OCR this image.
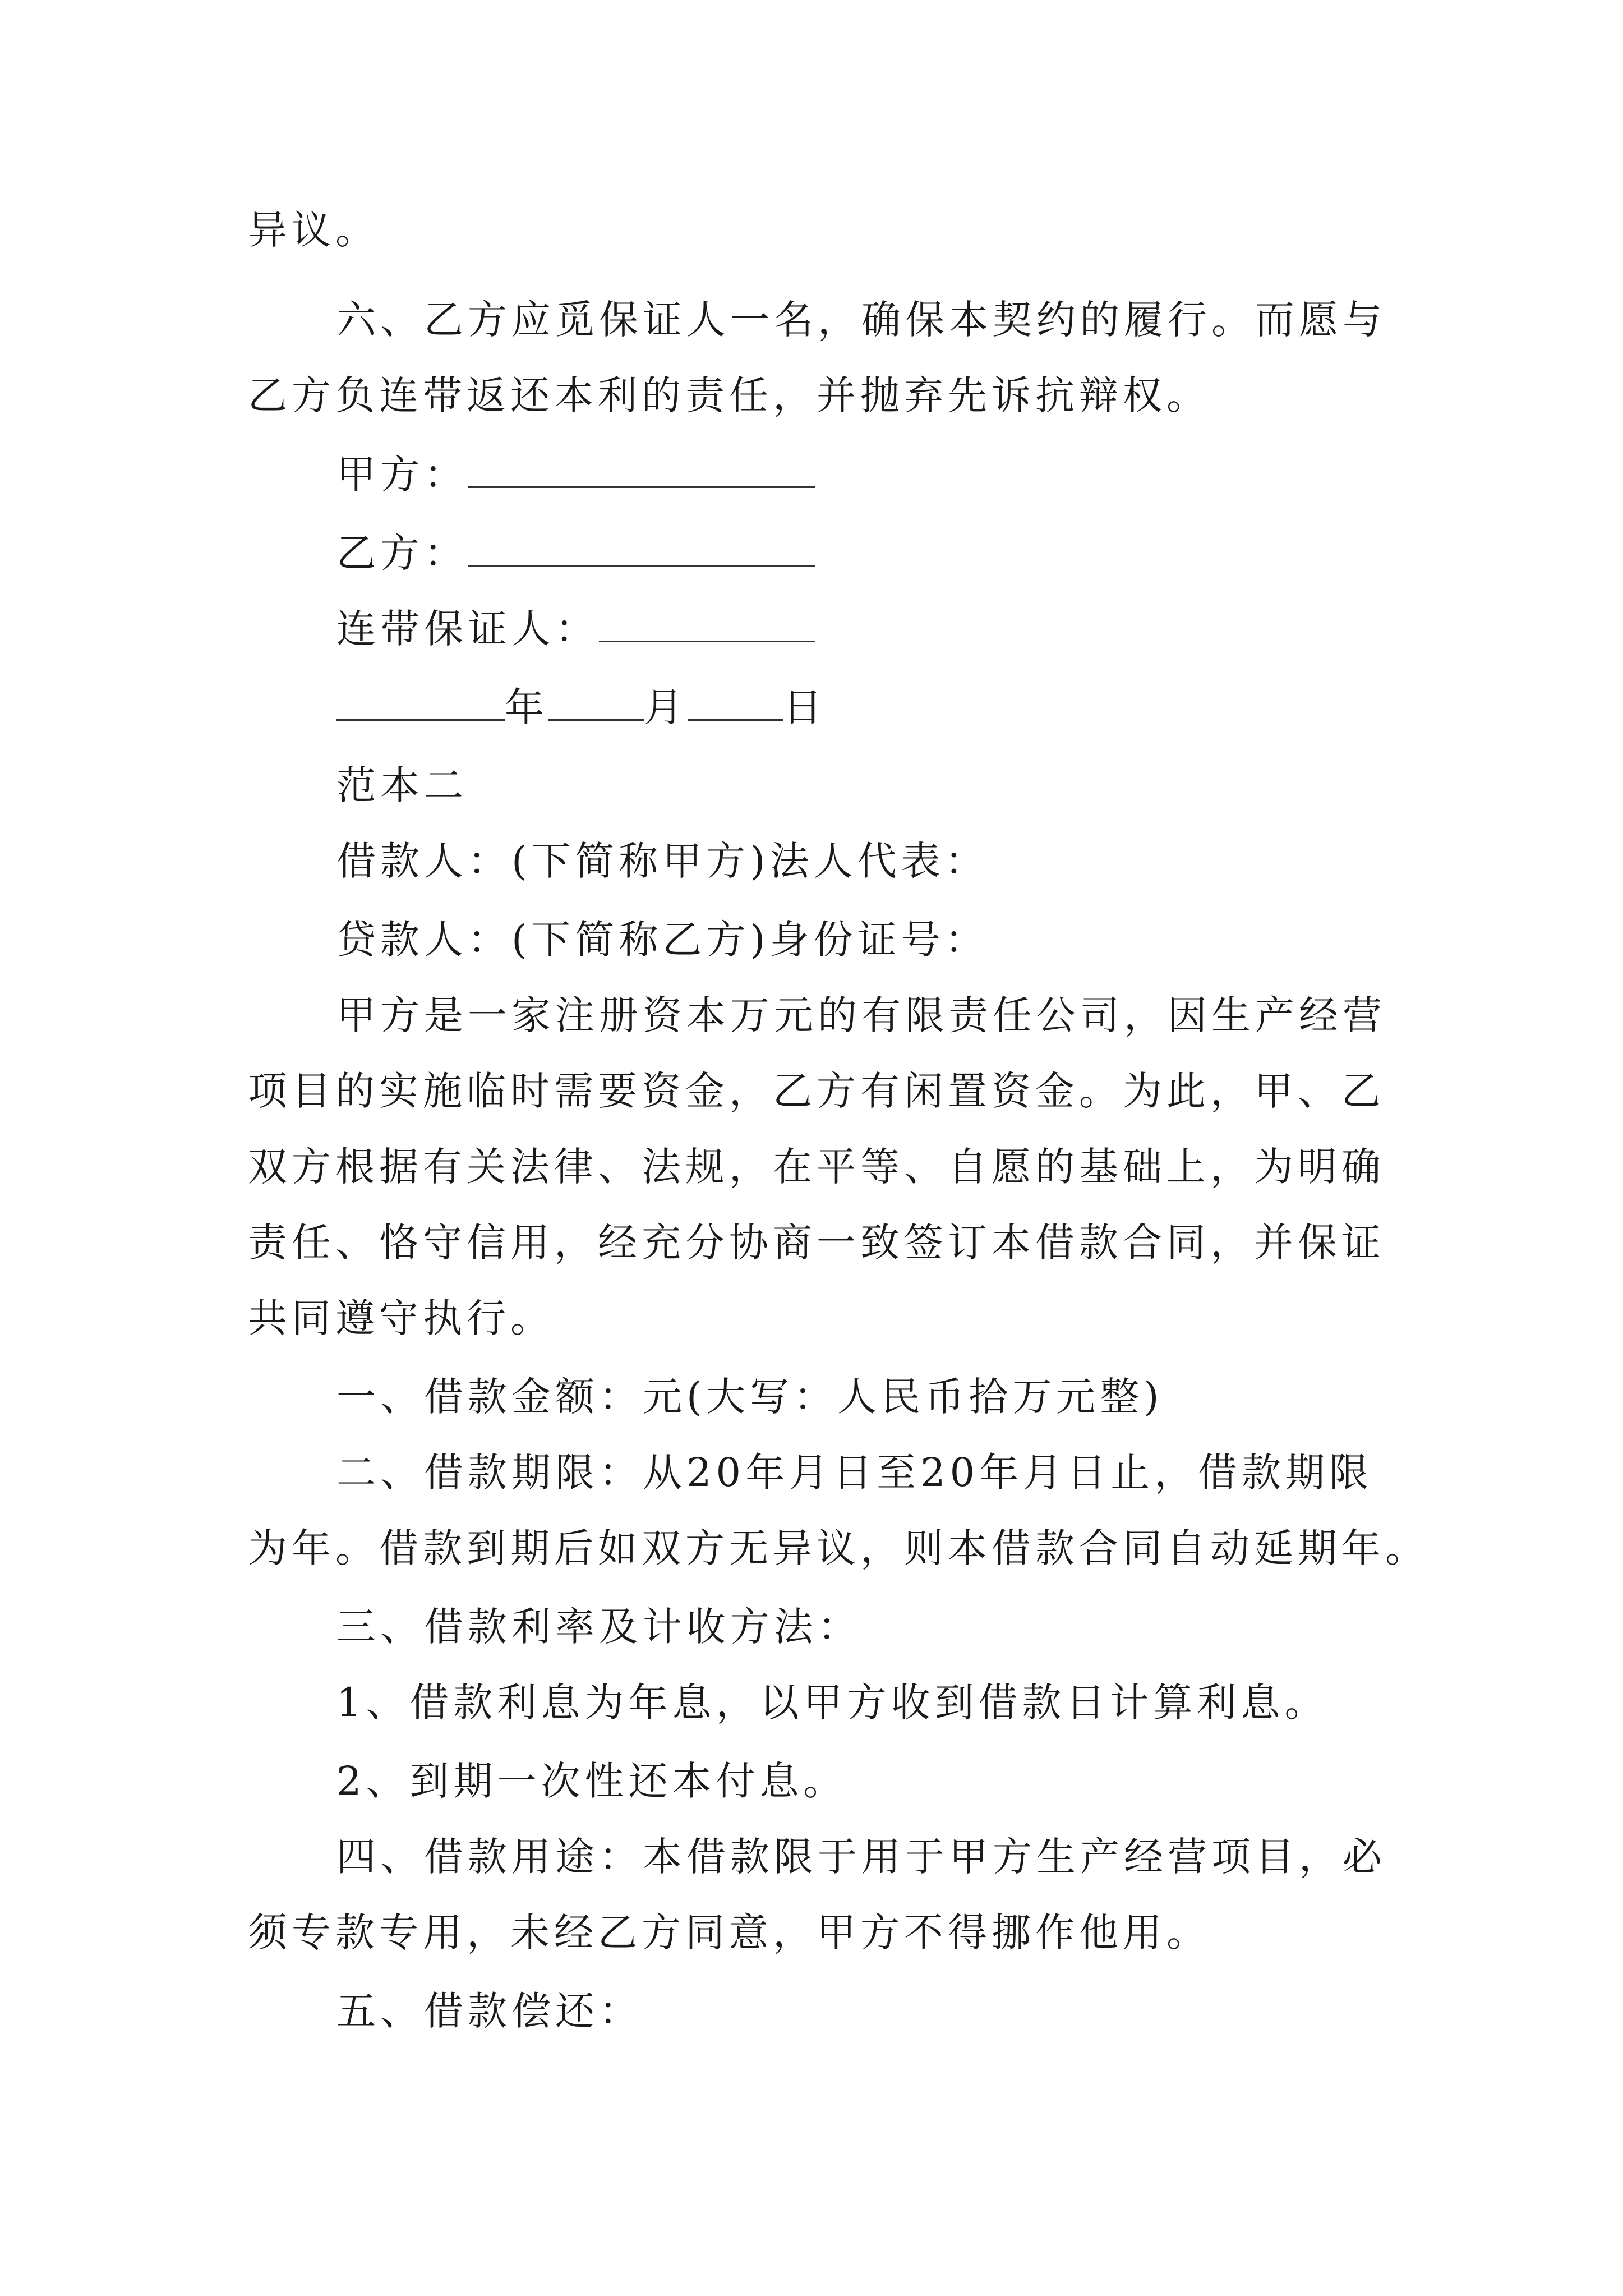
异议。
六、乙方应觅保证人一名，确保本契约的履行。而愿与
乙方负连带返还本利的责任，并抛弃先诉抗辩权。
甲方：
乙方：
连带保证人：
年 月 日
范本二
借款人：(下简称甲方)法人代表：
贷款人：(下简称乙方)身份证号：
甲方是一家注册资本万元的有限责任公司，因生产经营
项目的实施临时需要资金，乙方有闲置资金。为此，甲、乙
双方根据有关法律、法规，在平等、自愿的基础上，为明确
责任、恪守信用，经充分协商一致签订本借款合同，并保证
共同遵守执行。
一、借款金额：元(大写：人民币拾万元整)
二、借款期限：从20年月日至20年月日止，借款期限
为年。借款到期后如双方无异议，则本借款合同自动延期年。
三、借款利率及计收方法：
1、借款利息为年息，以甲方收到借款日计算利息。
2、到期一次性还本付息。
四、借款用途：本借款限于用于甲方生产经营项目，必
须专款专用，未经乙方同意，甲方不得挪作他用。
五、借款偿还：
